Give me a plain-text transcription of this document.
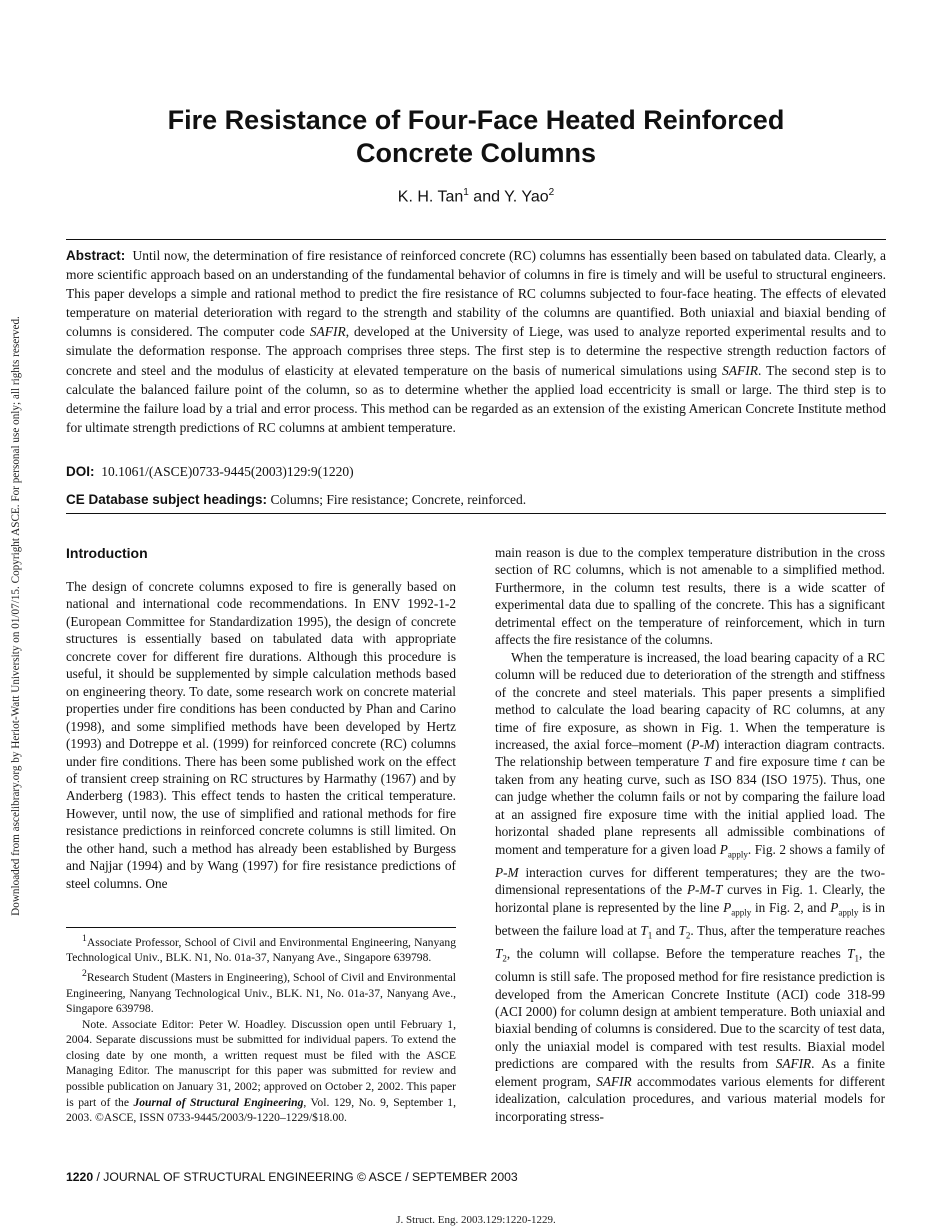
Downloaded from ascelibrary.org by Heriot-Watt University on 01/07/15. Copyright ASCE. For personal use only; all rights reserved.
Fire Resistance of Four-Face Heated Reinforced
Concrete Columns
K. H. Tan$^1$ and Y. Yao$^2$
Abstract: Until now, the determination of fire resistance of reinforced concrete (RC) columns has essentially been based on tabulated data. Clearly, a more scientific approach based on an understanding of the fundamental behavior of columns in fire is timely and will be useful to structural engineers. This paper develops a simple and rational method to predict the fire resistance of RC columns subjected to four-face heating. The effects of elevated temperature on material deterioration with regard to the strength and stability of the columns are quantified. Both uniaxial and biaxial bending of columns is considered. The computer code SAFIR, developed at the University of Liege, was used to analyze reported experimental results and to simulate the deformation response. The approach comprises three steps. The first step is to determine the respective strength reduction factors of concrete and steel and the modulus of elasticity at elevated temperature on the basis of numerical simulations using SAFIR. The second step is to calculate the balanced failure point of the column, so as to determine whether the applied load eccentricity is small or large. The third step is to determine the failure load by a trial and error process. This method can be regarded as an extension of the existing American Concrete Institute method for ultimate strength predictions of RC columns at ambient temperature.
DOI: 10.1061/(ASCE)0733-9445(2003)129:9(1220)
CE Database subject headings: Columns; Fire resistance; Concrete, reinforced.
Introduction

The design of concrete columns exposed to fire is generally based on national and international code recommendations. In ENV 1992-1-2 (European Committee for Standardization 1995), the design of concrete structures is essentially based on tabulated data with appropriate concrete cover for different fire durations. Although this procedure is useful, it should be supplemented by simple calculation methods based on engineering theory. To date, some research work on concrete material properties under fire conditions has been conducted by Phan and Carino (1998), and some simplified methods have been developed by Hertz (1993) and Dotreppe et al. (1999) for reinforced concrete (RC) columns under fire conditions. There has been some published work on the effect of transient creep straining on RC structures by Harmathy (1967) and by Anderberg (1983). This effect tends to hasten the critical temperature. However, until now, the use of simplified and rational methods for fire resistance predictions in reinforced concrete columns is still limited. On the other hand, such a method has already been established by Burgess and Najjar (1994) and by Wang (1997) for fire resistance predictions of steel columns. One

$^1$Associate Professor, School of Civil and Environmental Engineering, Nanyang Technological Univ., BLK. N1, No. 01a-37, Nanyang Ave., Singapore 639798.

$^2$Research Student (Masters in Engineering), School of Civil and Environmental Engineering, Nanyang Technological Univ., BLK. N1, No. 01a-37, Nanyang Ave., Singapore 639798.

Note. Associate Editor: Peter W. Hoadley. Discussion open until February 1, 2004. Separate discussions must be submitted for individual papers. To extend the closing date by one month, a written request must be filed with the ASCE Managing Editor. The manuscript for this paper was submitted for review and possible publication on January 31, 2002; approved on October 2, 2002. This paper is part of the Journal of Structural Engineering, Vol. 129, No. 9, September 1, 2003. ©ASCE, ISSN 0733-9445/2003/9-1220–1229/$18.00.

main reason is due to the complex temperature distribution in the cross section of RC columns, which is not amenable to a simplified method. Furthermore, in the column test results, there is a wide scatter of experimental data due to spalling of the concrete. This has a significant detrimental effect on the temperature of reinforcement, which in turn affects the fire resistance of the columns.

When the temperature is increased, the load bearing capacity of a RC column will be reduced due to deterioration of the strength and stiffness of the concrete and steel materials. This paper presents a simplified method to calculate the load bearing capacity of RC columns, at any time of fire exposure, as shown in Fig. 1. When the temperature is increased, the axial force–moment (P-M) interaction diagram contracts. The relationship between temperature T and fire exposure time t can be taken from any heating curve, such as ISO 834 (ISO 1975). Thus, one can judge whether the column fails or not by comparing the failure load at an assigned fire exposure time with the initial applied load. The horizontal shaded plane represents all admissible combinations of moment and temperature for a given load $P_{apply}$. Fig. 2 shows a family of P-M interaction curves for different temperatures; they are the two-dimensional representations of the P-M-T curves in Fig. 1. Clearly, the horizontal plane is represented by the line $P_{apply}$ in Fig. 2, and $P_{apply}$ is in between the failure load at $T_1$ and $T_2$. Thus, after the temperature reaches $T_2$, the column will collapse. Before the temperature reaches $T_1$, the column is still safe. The proposed method for fire resistance prediction is developed from the American Concrete Institute (ACI) code 318-99 (ACI 2000) for column design at ambient temperature. Both uniaxial and biaxial bending of columns is considered. Due to the scarcity of test data, only the uniaxial model is compared with test results. Biaxial model predictions are compared with the results from SAFIR. As a finite element program, SAFIR accommodates various elements for different idealization, calculation procedures, and various material models for incorporating stress-

1220 / JOURNAL OF STRUCTURAL ENGINEERING © ASCE / SEPTEMBER 2003
J. Struct. Eng. 2003.129:1220-1229.
